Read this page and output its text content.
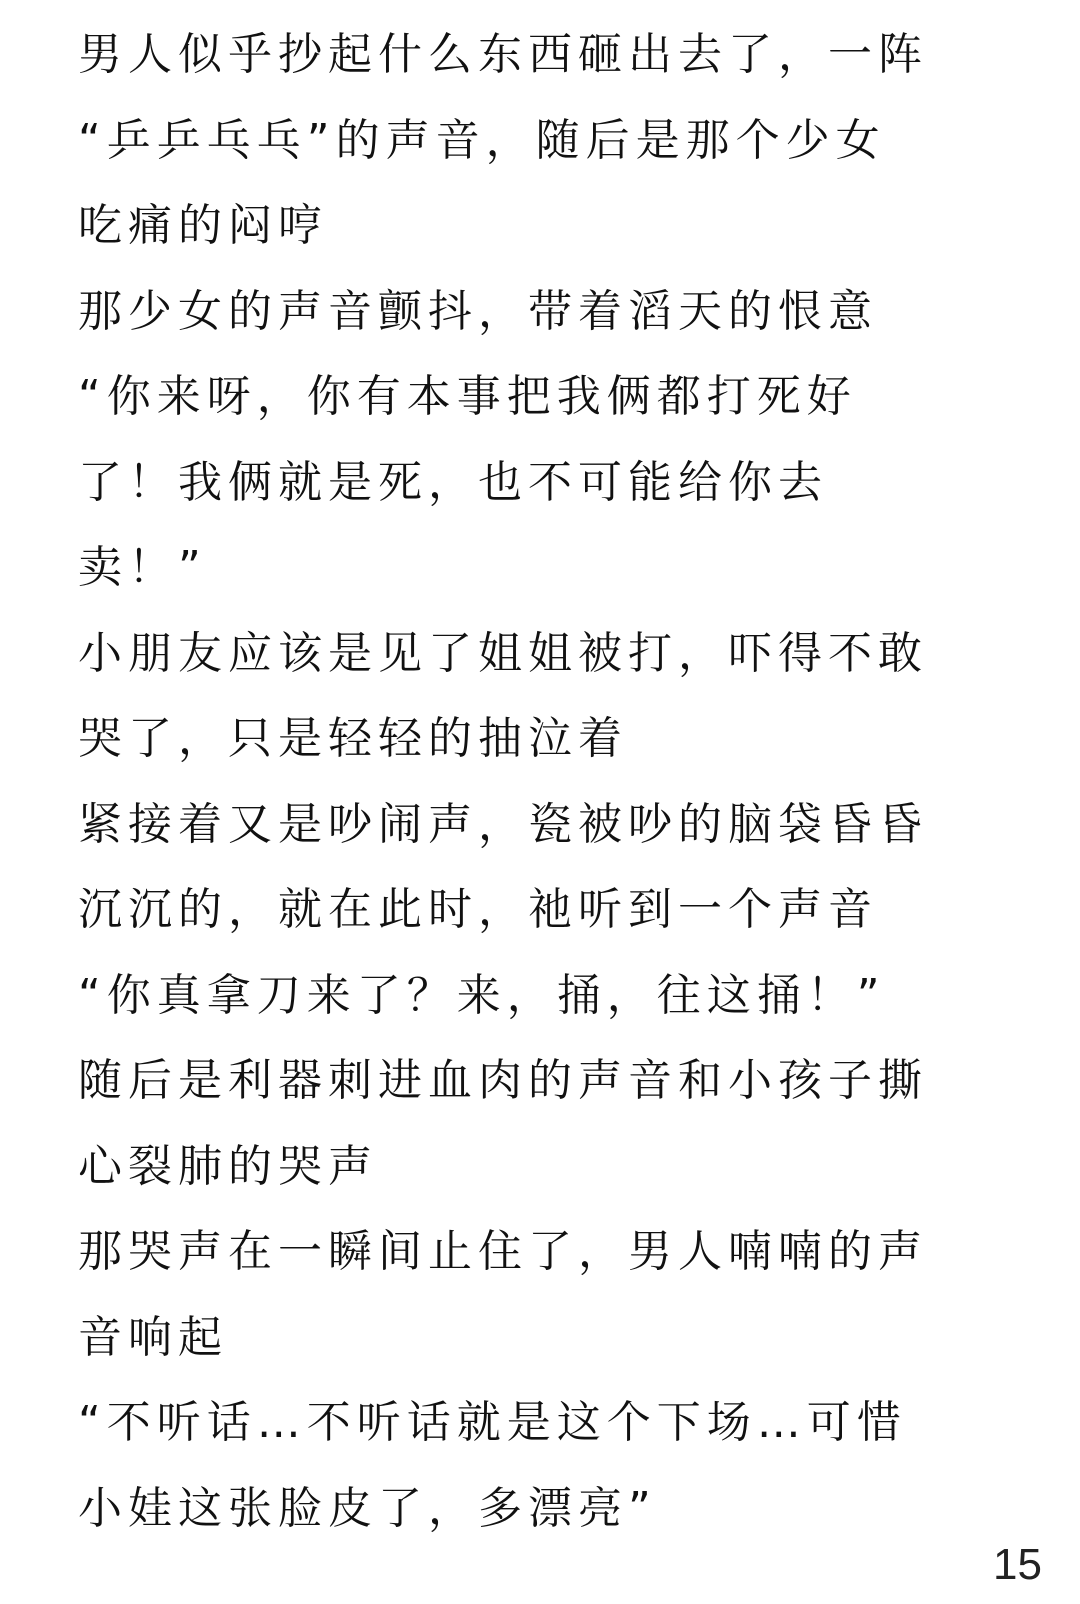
男人似乎抄起什么东西砸出去了，一阵
“乒乒乓乓”的声音，随后是那个少女
吃痛的闷哼
那少女的声音颤抖，带着滔天的恨意
“你来呀，你有本事把我俩都打死好
了！我俩就是死，也不可能给你去
卖！”
小朋友应该是见了姐姐被打，吓得不敢
哭了，只是轻轻的抽泣着
紧接着又是吵闹声，瓷被吵的脑袋昏昏
沉沉的，就在此时，祂听到一个声音
“你真拿刀来了？来，捅，往这捅！”
随后是利器刺进血肉的声音和小孩子撕
心裂肺的哭声
那哭声在一瞬间止住了，男人喃喃的声
音响起
“不听话…不听话就是这个下场…可惜
小娃这张脸皮了，多漂亮”
15
